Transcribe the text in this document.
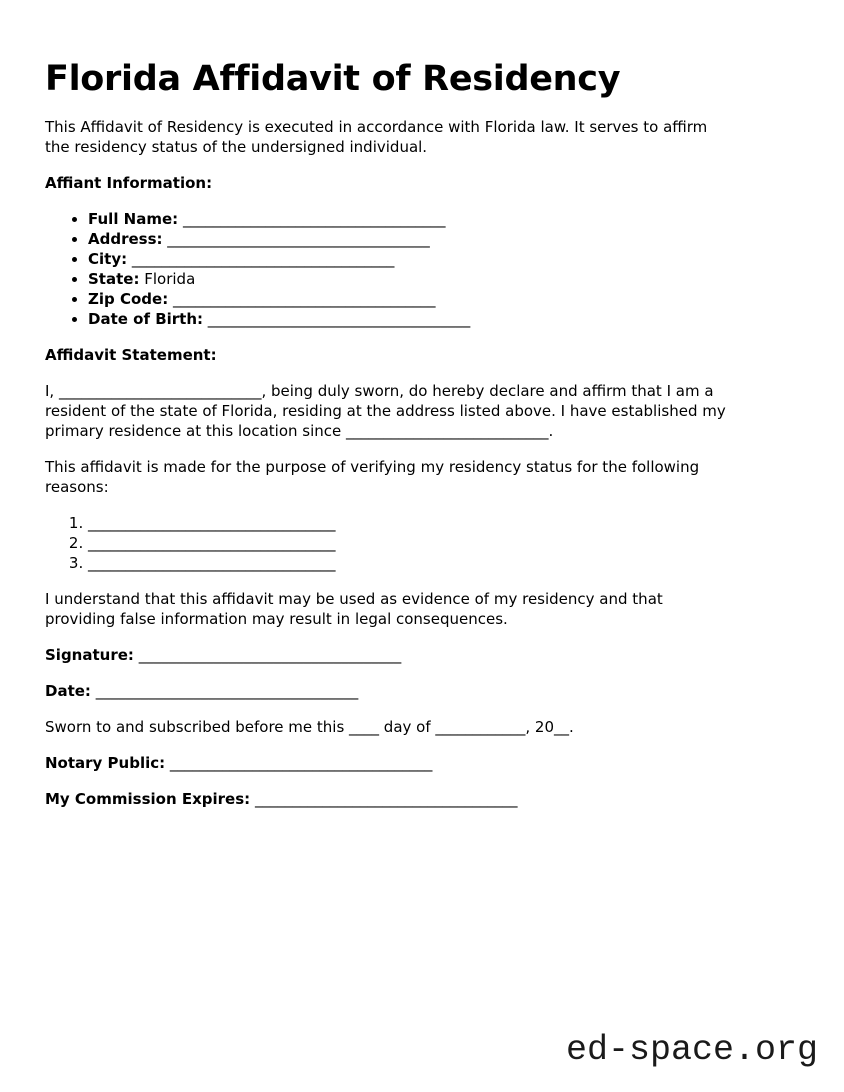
Florida Affidavit of Residency

This Affidavit of Residency is executed in accordance with Florida law. It serves to affirm
the residency status of the undersigned individual.

Affiant Information:

• Full Name: ___________________________________
• Address: ___________________________________
• City: ___________________________________
• State: Florida
• Zip Code: ___________________________________
• Date of Birth: ___________________________________

Affidavit Statement:

I, ___________________________, being duly sworn, do hereby declare and affirm that I am a
resident of the state of Florida, residing at the address listed above. I have established my
primary residence at this location since ___________________________.

This affidavit is made for the purpose of verifying my residency status for the following
reasons:

1. _________________________________
2. _________________________________
3. _________________________________

I understand that this affidavit may be used as evidence of my residency and that
providing false information may result in legal consequences.

Signature: ___________________________________

Date: ___________________________________

Sworn to and subscribed before me this ____ day of ____________, 20__.

Notary Public: ___________________________________

My Commission Expires: ___________________________________

ed-space.org
